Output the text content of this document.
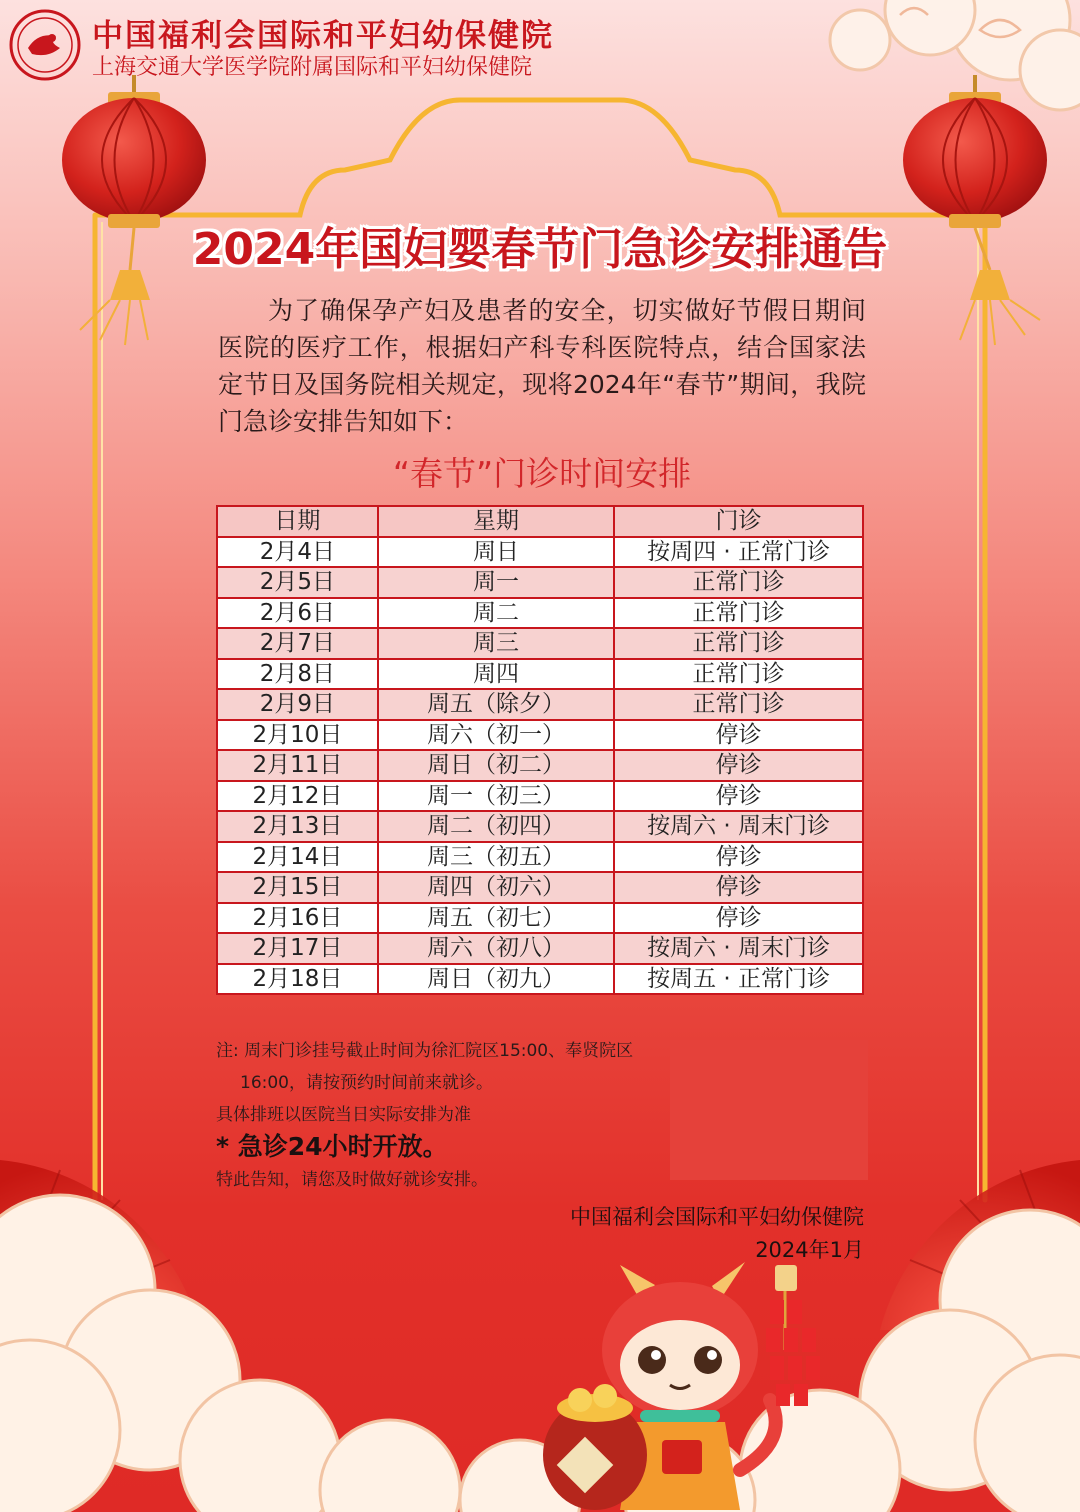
中国福利会国际和平妇幼保健院
上海交通大学医学院附属国际和平妇幼保健院
2024年国妇婴春节门急诊安排通告

为了确保孕产妇及患者的安全，切实做好节假日期间医院的医疗工作，根据妇产科专科医院特点，结合国家法定节日及国务院相关规定，现将2024年“春节”期间，我院门急诊安排告知如下：

“春节”门诊时间安排
日期	星期	门诊
2月4日	周日	按周四 · 正常门诊
2月5日	周一	正常门诊
2月6日	周二	正常门诊
2月7日	周三	正常门诊
2月8日	周四	正常门诊
2月9日	周五（除夕）	正常门诊
2月10日	周六（初一）	停诊
2月11日	周日（初二）	停诊
2月12日	周一（初三）	停诊
2月13日	周二（初四）	按周六 · 周末门诊
2月14日	周三（初五）	停诊
2月15日	周四（初六）	停诊
2月16日	周五（初七）	停诊
2月17日	周六（初八）	按周六 · 周末门诊
2月18日	周日（初九）	按周五 · 正常门诊
注: 周末门诊挂号截止时间为徐汇院区15:00、奉贤院区
16:00，请按预约时间前来就诊。
具体排班以医院当日实际安排为准
* 急诊24小时开放。
特此告知，请您及时做好就诊安排。
中国福利会国际和平妇幼保健院
2024年1月
